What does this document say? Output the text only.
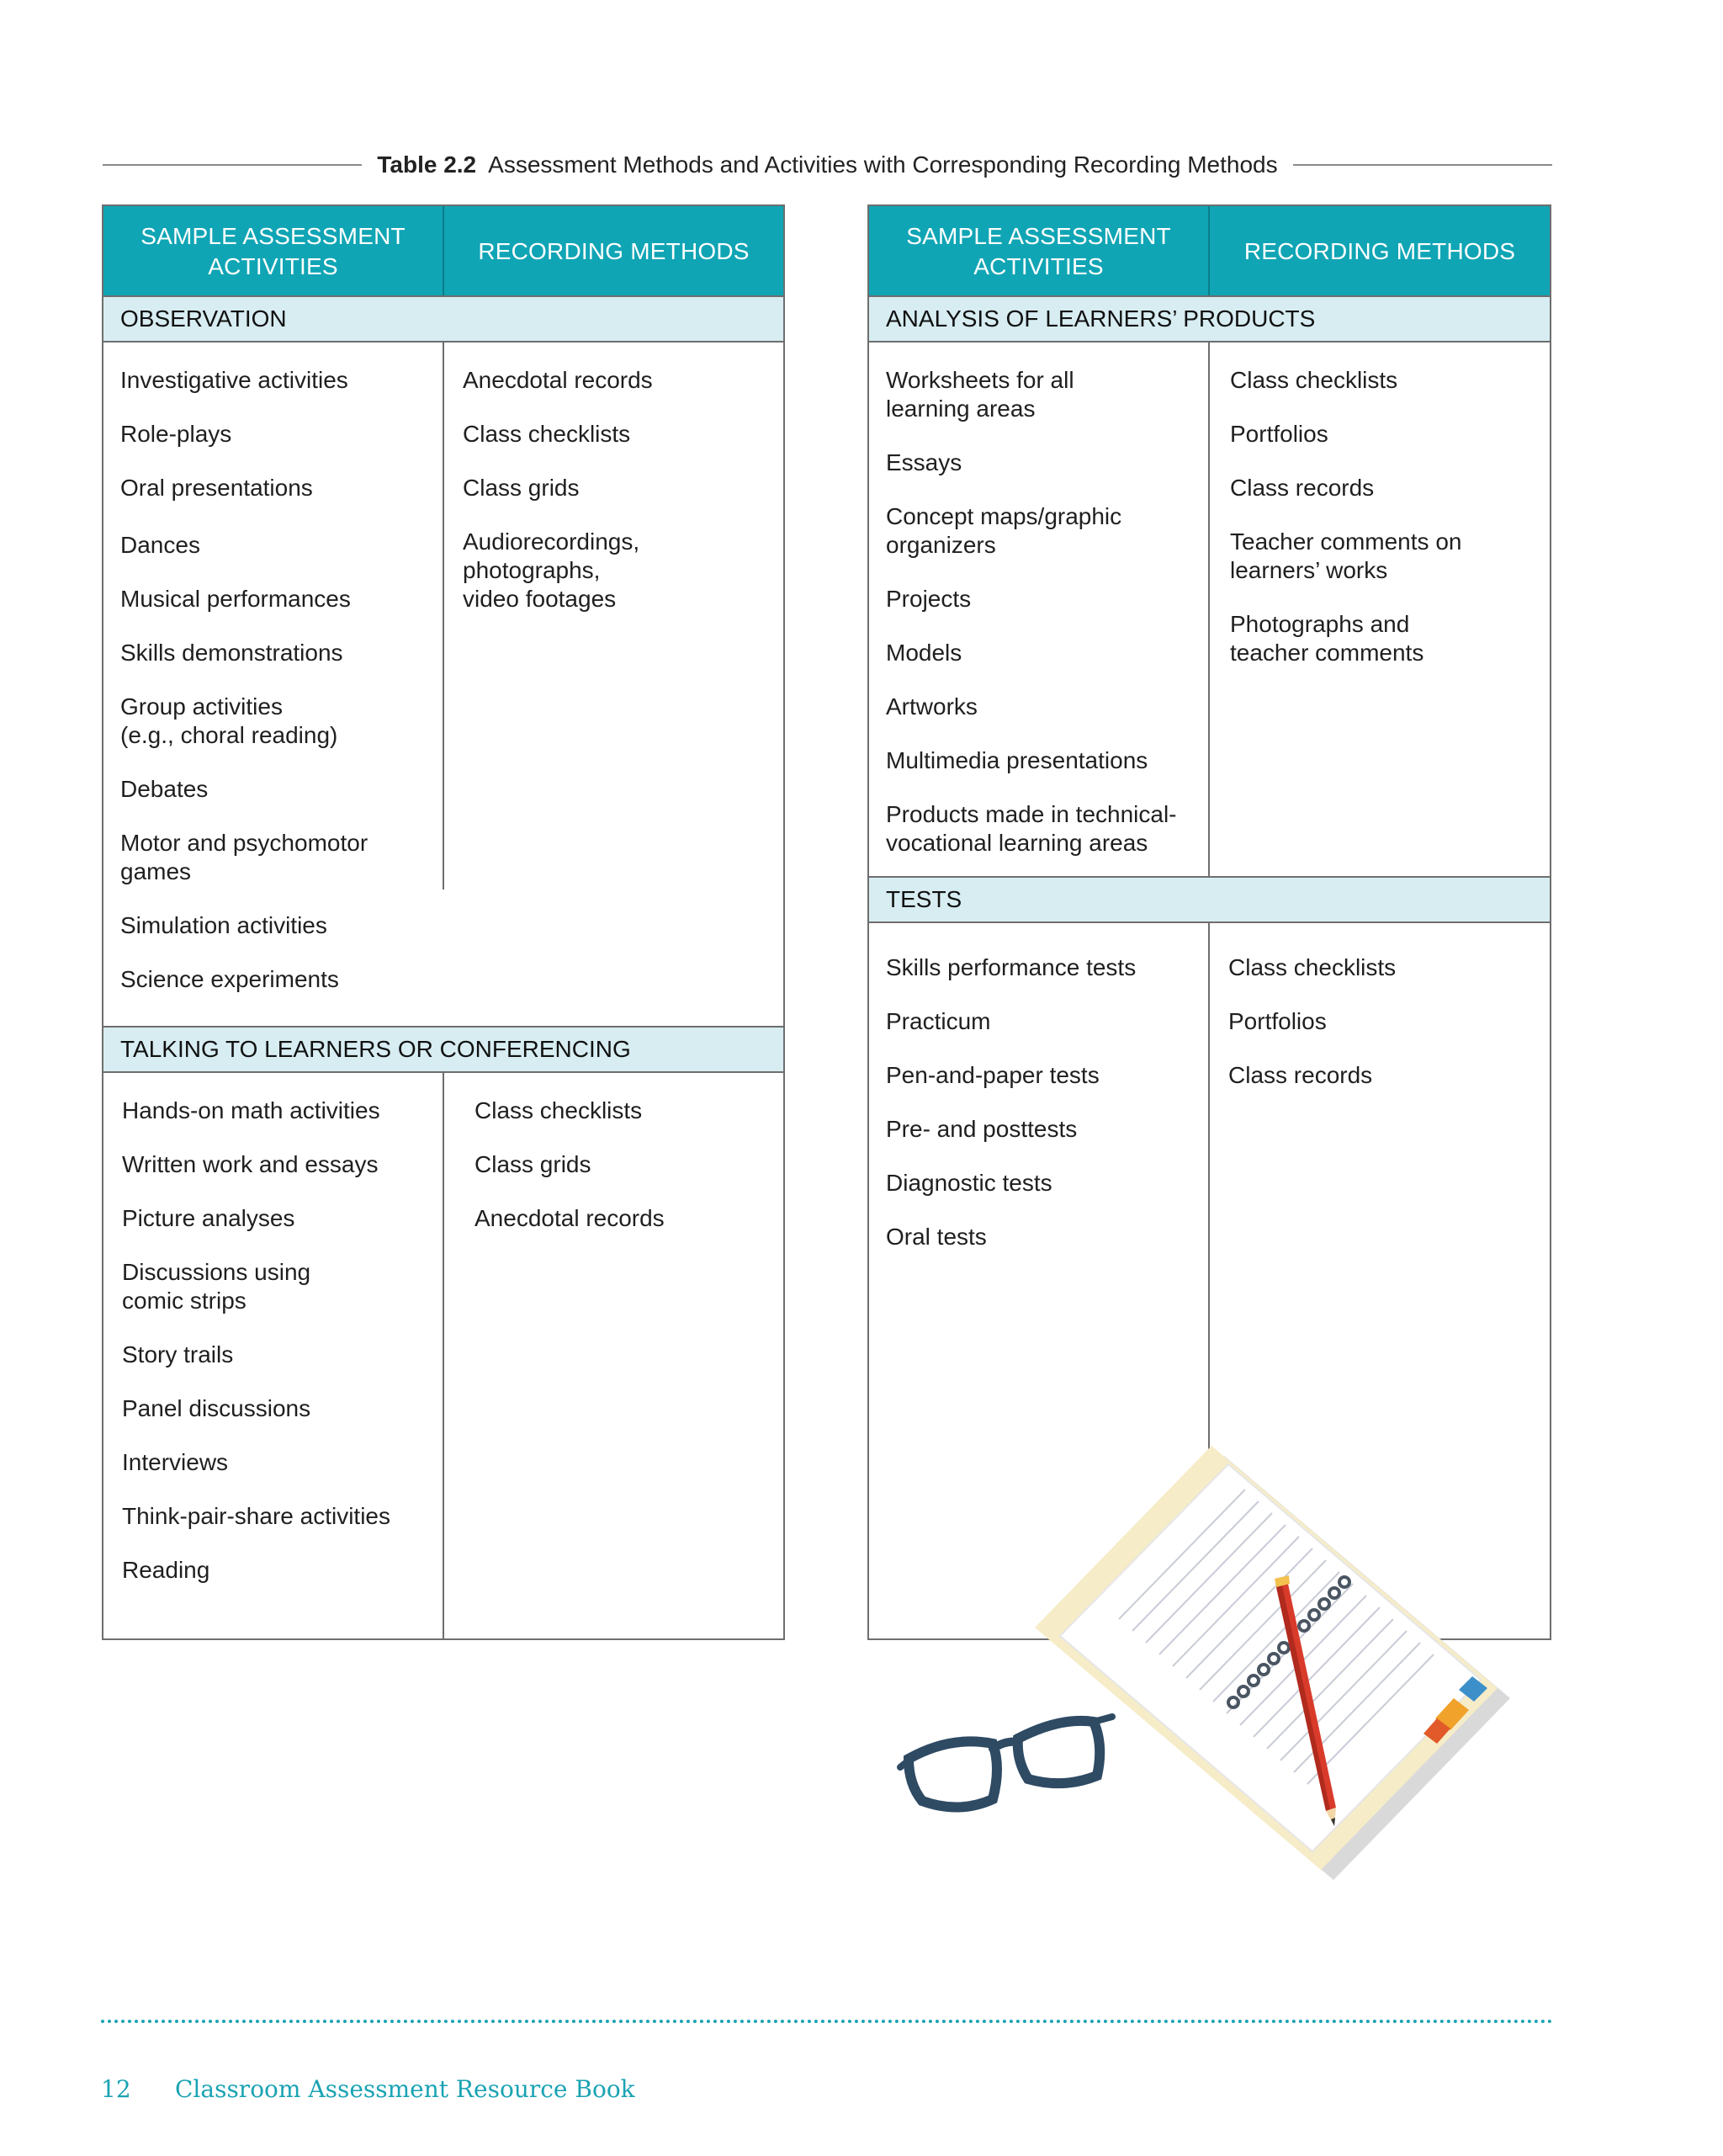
Table 2.2 Assessment Methods and Activities with Corresponding Recording Methods
SAMPLE ASSESSMENT ACTIVITIES
RECORDING METHODS
OBSERVATION
Investigative activities
Role-plays
Oral presentations
Dances
Musical performances
Skills demonstrations
Group activities
(e.g., choral reading)
Debates
Motor and psychomotor
games
Simulation activities
Science experiments
Anecdotal records
Class checklists
Class grids
Audiorecordings,
photographs,
video footages
TALKING TO LEARNERS OR CONFERENCING
Hands-on math activities
Written work and essays
Picture analyses
Discussions using
comic strips
Story trails
Panel discussions
Interviews
Think-pair-share activities
Reading
Class checklists
Class grids
Anecdotal records
SAMPLE ASSESSMENT ACTIVITIES
RECORDING METHODS
ANALYSIS OF LEARNERS’ PRODUCTS
Worksheets for all
learning areas
Essays
Concept maps/graphic
organizers
Projects
Models
Artworks
Multimedia presentations
Products made in technical-
vocational learning areas
Class checklists
Portfolios
Class records
Teacher comments on
learners’ works
Photographs and
teacher comments
TESTS
Skills performance tests
Practicum
Pen-and-paper tests
Pre- and posttests
Diagnostic tests
Oral tests
Class checklists
Portfolios
Class records
12 Classroom Assessment Resource Book
